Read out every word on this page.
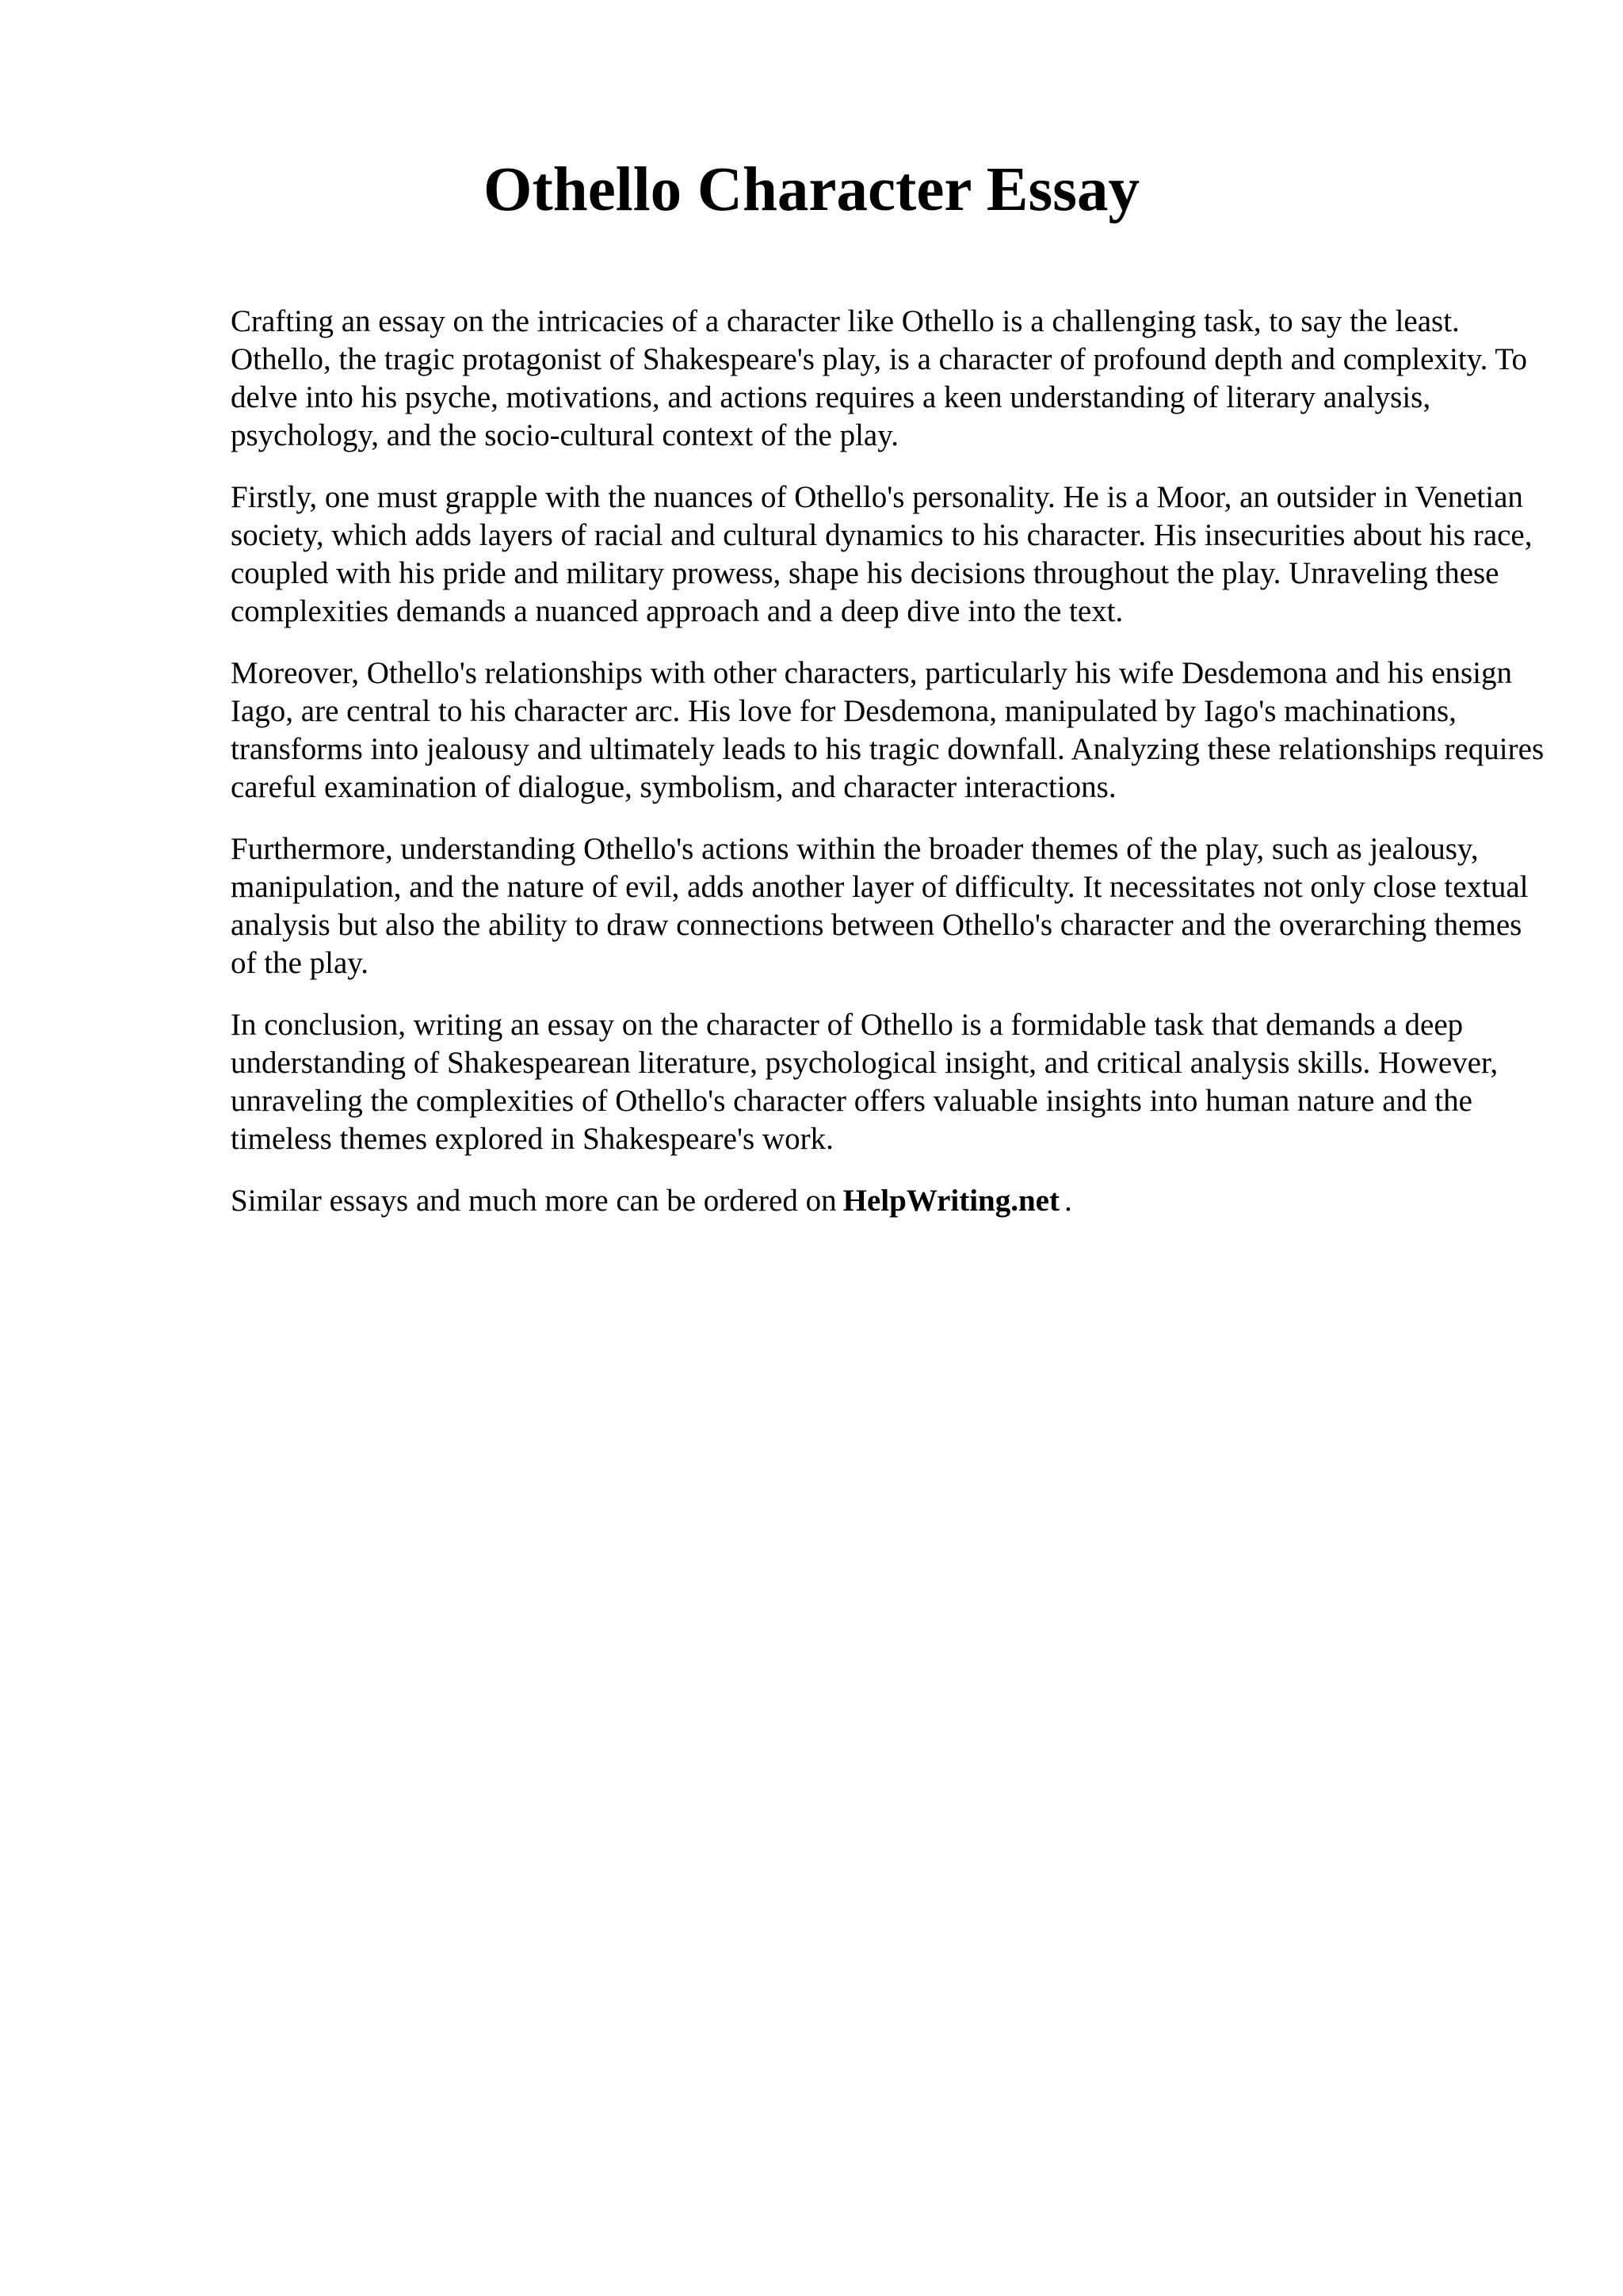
Othello Character Essay

Crafting an essay on the intricacies of a character like Othello is a challenging task, to say the least. Othello, the tragic protagonist of Shakespeare's play, is a character of profound depth and complexity. To delve into his psyche, motivations, and actions requires a keen understanding of literary analysis, psychology, and the socio-cultural context of the play.

Firstly, one must grapple with the nuances of Othello's personality. He is a Moor, an outsider in Venetian society, which adds layers of racial and cultural dynamics to his character. His insecurities about his race, coupled with his pride and military prowess, shape his decisions throughout the play. Unraveling these complexities demands a nuanced approach and a deep dive into the text.

Moreover, Othello's relationships with other characters, particularly his wife Desdemona and his ensign Iago, are central to his character arc. His love for Desdemona, manipulated by Iago's machinations, transforms into jealousy and ultimately leads to his tragic downfall. Analyzing these relationships requires careful examination of dialogue, symbolism, and character interactions.

Furthermore, understanding Othello's actions within the broader themes of the play, such as jealousy, manipulation, and the nature of evil, adds another layer of difficulty. It necessitates not only close textual analysis but also the ability to draw connections between Othello's character and the overarching themes of the play.

In conclusion, writing an essay on the character of Othello is a formidable task that demands a deep understanding of Shakespearean literature, psychological insight, and critical analysis skills. However, unraveling the complexities of Othello's character offers valuable insights into human nature and the timeless themes explored in Shakespeare's work.

Similar essays and much more can be ordered on HelpWriting.net .
